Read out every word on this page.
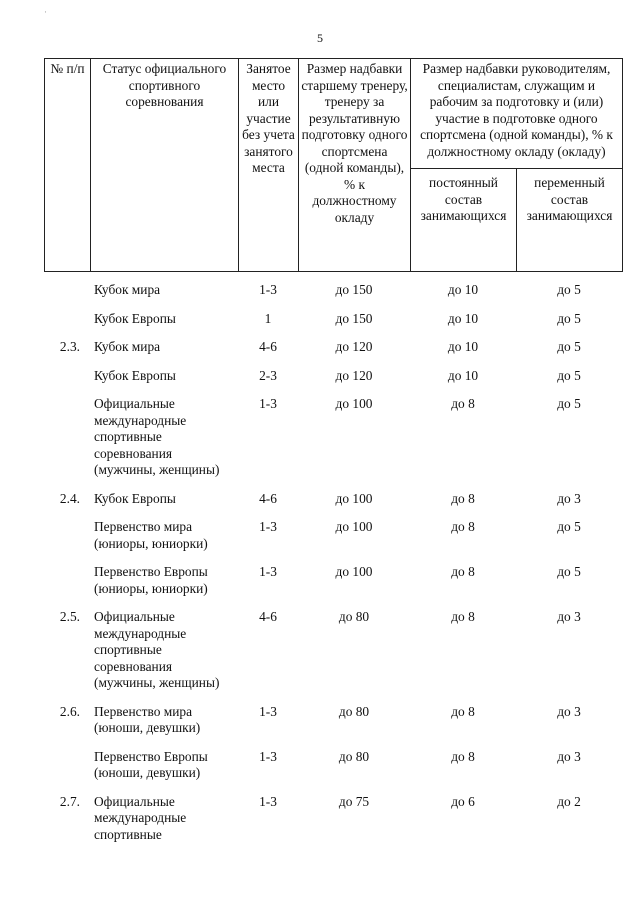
5
№ п/п	Статус официального спортивного соревнования	Занятое место или участие без учета занятого места	Размер надбавки старшему тренеру, тренеру за результативную подготовку одного спортсмена (одной команды), % к должностному окладу	Размер надбавки руководителям, специалистам, служащим и рабочим за подготовку и (или) участие в подготовке одного спортсмена (одной команды), % к должностному окладу (окладу)	
				постоянный состав занимающихся	переменный состав занимающихся
	Кубок мира	1-3	до 150	до 10	до 5
	Кубок Европы	1	до 150	до 10	до 5
2.3.	Кубок мира	4-6	до 120	до 10	до 5
	Кубок Европы	2-3	до 120	до 10	до 5
	Официальные международные спортивные соревнования (мужчины, женщины)	1-3	до 100	до 8	до 5
2.4.	Кубок Европы	4-6	до 100	до 8	до 3
	Первенство мира (юниоры, юниорки)	1-3	до 100	до 8	до 5
	Первенство Европы (юниоры, юниорки)	1-3	до 100	до 8	до 5
2.5.	Официальные международные спортивные соревнования (мужчины, женщины)	4-6	до 80	до 8	до 3
2.6.	Первенство мира (юноши, девушки)	1-3	до 80	до 8	до 3
	Первенство Европы (юноши, девушки)	1-3	до 80	до 8	до 3
2.7.	Официальные международные спортивные	1-3	до 75	до 6	до 2
·
